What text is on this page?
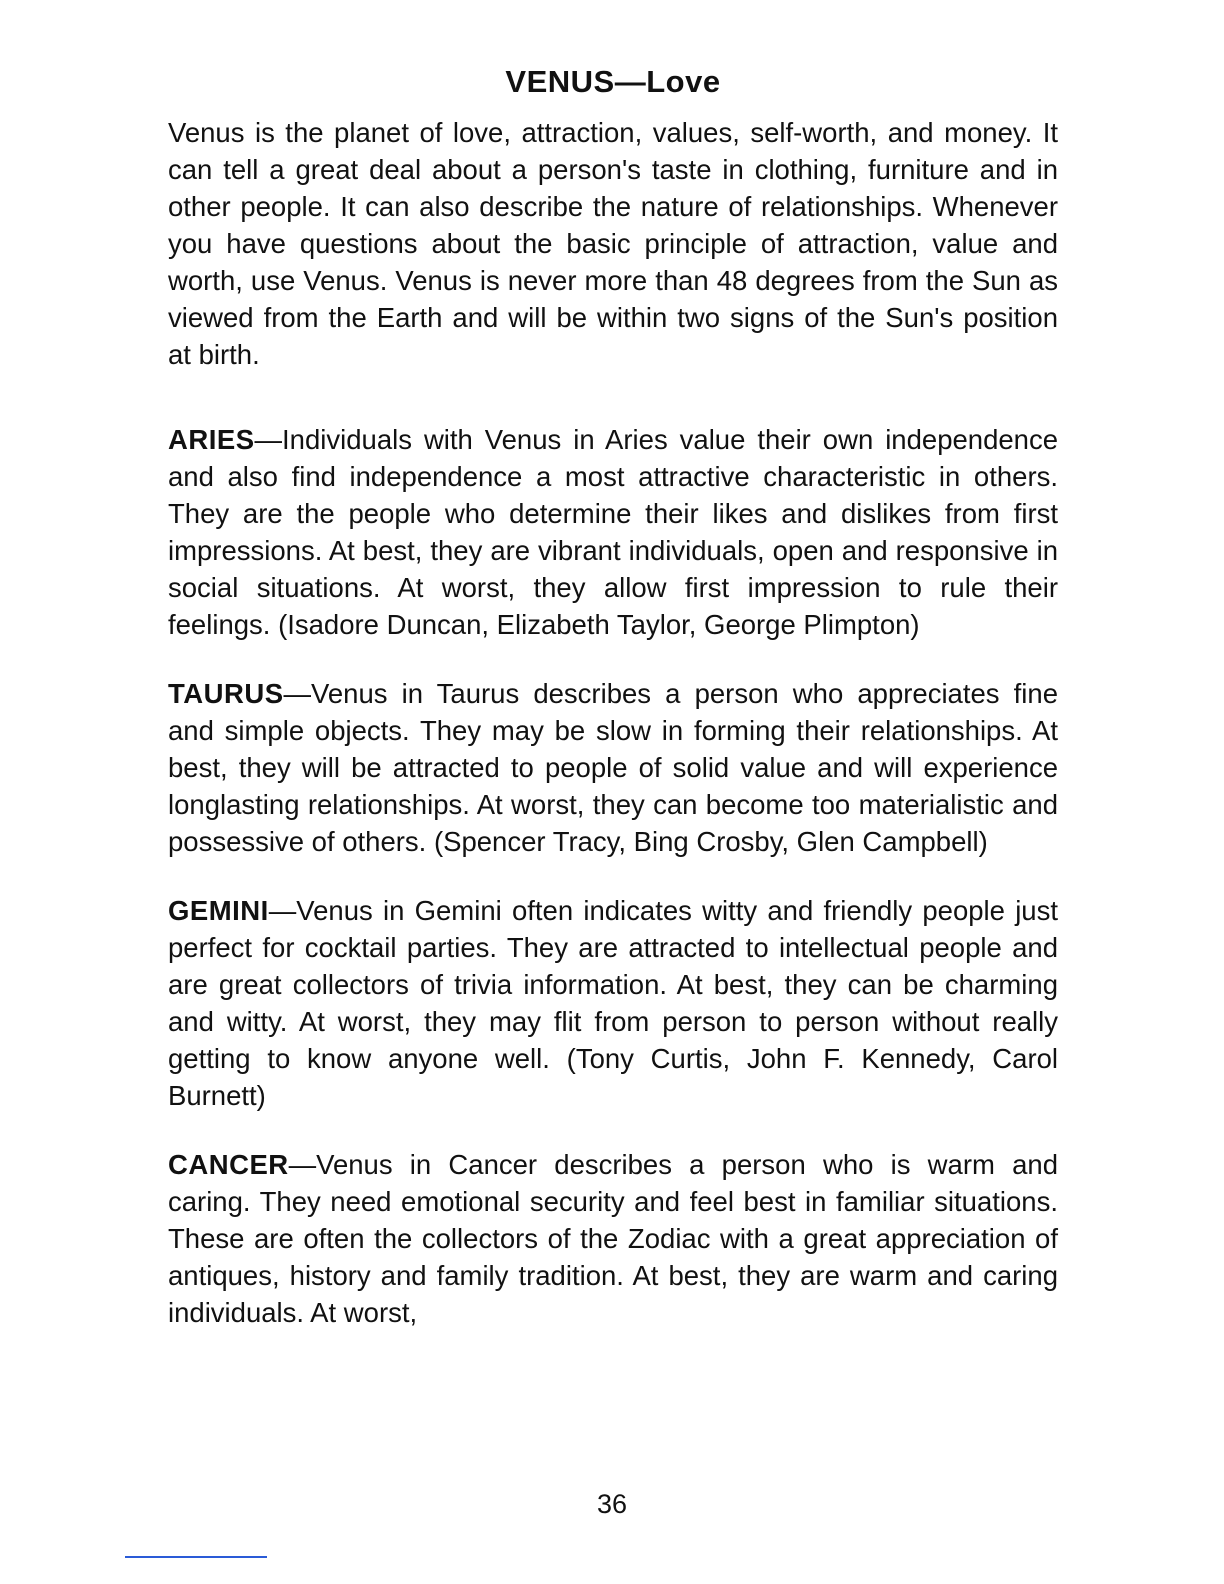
VENUS—Love

Venus is the planet of love, attraction, values, self-worth, and money. It can tell a great deal about a person's taste in clothing, furniture and in other people. It can also describe the nature of relationships. Whenever you have questions about the basic principle of attraction, value and worth, use Venus. Venus is never more than 48 degrees from the Sun as viewed from the Earth and will be within two signs of the Sun's position at birth.

ARIES—Individuals with Venus in Aries value their own independence and also find independence a most attractive characteristic in others. They are the people who determine their likes and dislikes from first impressions. At best, they are vibrant individuals, open and responsive in social situations. At worst, they allow first impression to rule their feelings. (Isadore Duncan, Elizabeth Taylor, George Plimpton)

TAURUS—Venus in Taurus describes a person who appreciates fine and simple objects. They may be slow in forming their relationships. At best, they will be attracted to people of solid value and will experience longlasting relationships. At worst, they can become too materialistic and possessive of others. (Spencer Tracy, Bing Crosby, Glen Campbell)

GEMINI—Venus in Gemini often indicates witty and friendly people just perfect for cocktail parties. They are attracted to intellectual people and are great collectors of trivia information. At best, they can be charming and witty. At worst, they may flit from person to person without really getting to know anyone well. (Tony Curtis, John F. Kennedy, Carol Burnett)

CANCER—Venus in Cancer describes a person who is warm and caring. They need emotional security and feel best in familiar situations. These are often the collectors of the Zodiac with a great appreciation of antiques, history and family tradition. At best, they are warm and caring individuals. At worst,

36
